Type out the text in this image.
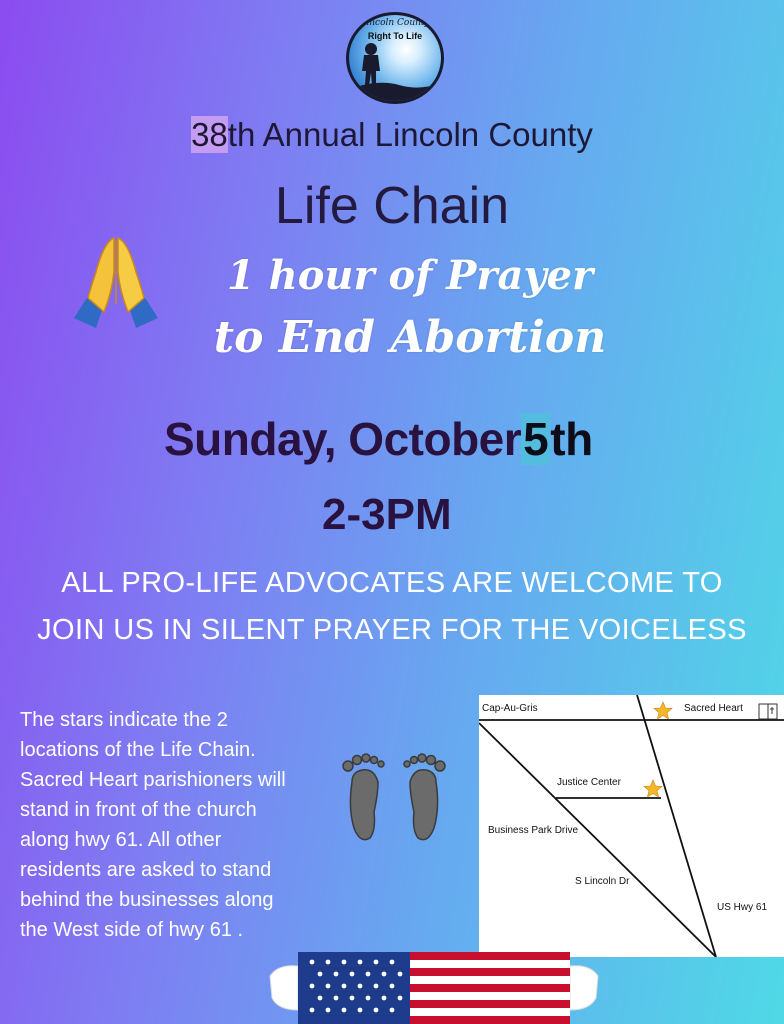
Lincoln County
Right To Life
38th Annual Lincoln County
Life Chain
1 hour of Prayer
to End Abortion
Sunday, October5th
2-3PM
ALL PRO-LIFE ADVOCATES ARE WELCOME TO
JOIN US IN SILENT PRAYER FOR THE VOICELESS
The stars indicate the 2 locations of the Life Chain. Sacred Heart parishioners will stand in front of the church along hwy 61. All other residents are asked to stand behind the businesses along the West side of hwy 61 .
Cap-Au-Gris	Sacred Heart
Justice Center
Business Park Drive
S Lincoln Dr
US Hwy 61
